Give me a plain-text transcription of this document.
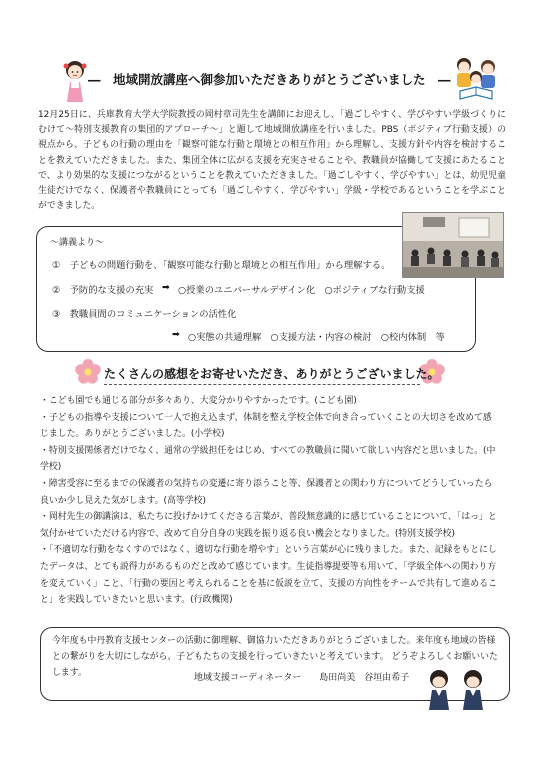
―　地域開放講座へ御参加いただきありがとうございました　―
12月25日に、兵庫教育大学大学院教授の岡村章司先生を講師にお迎えし、「過ごしやすく、学びやすい学級づくりにむけて～特別支援教育の集団的アプローチ～」と題して地域開放講座を行いました。PBS（ポジティブ行動支援）の視点から、子どもの行動の理由を「観察可能な行動と環境との相互作用」から理解し、支援方針や内容を検討することを教えていただきました。また、集団全体に広がる支援を充実させることや、教職員が協働して支援にあたることで、より効果的な支援につながるということを教えていただきました。「過ごしやすく、学びやすい」とは、幼児児童生徒だけでなく、保護者や教職員にとっても「過ごしやすく、学びやすい」学級・学校であるということを学ぶことができました。
～講義より～
①　子どもの問題行動を、「観察可能な行動と環境との相互作用」から理解する。
②　予防的な支援の充実 ➡ ○授業のユニバーサルデザイン化　○ポジティブな行動支援
③　教職員間のコミュニケーションの活性化
➡ ○実態の共通理解　○支援方法・内容の検討　○校内体制　等
たくさんの感想をお寄せいただき、ありがとうございました。

・こども園でも通じる部分が多々あり、大変分かりやすかったです。(こども園)

・子どもの指導や支援について一人で抱え込まず、体制を整え学校全体で向き合っていくことの大切さを改めて感じました。ありがとうございました。(小学校)

・特別支援関係者だけでなく、通常の学級担任をはじめ、すべての教職員に聞いて欲しい内容だと思いました。(中学校)

・障害受容に至るまでの保護者の気持ちの変遷に寄り添うこと等、保護者との関わり方についてどうしていったら良いか少し見えた気がします。(高等学校)

・岡村先生の御講演は、私たちに投げかけてくださる言葉が、普段無意識的に感じていることについて、「はっ」と気付かせていただける内容で、改めて自分自身の実践を振り返る良い機会となりました。(特別支援学校)

・「不適切な行動をなくすのではなく、適切な行動を増やす」という言葉が心に残りました。また、記録をもとにしたデータは、とても説得力があるものだと改めて感じています。生徒指導提要等も用いて、「学級全体への関わり方を変えていく」こと、「行動の要因と考えられることを基に仮説を立て、支援の方向性をチームで共有して進めること」を実践していきたいと思います。(行政機関)

今年度も中丹教育支援センターの活動に御理解、御協力いただきありがとうございました。来年度も地域の皆様との繋がりを大切にしながら、子どもたちの支援を行っていきたいと考えています。 どうぞよろしくお願いいたします。
地域支援コーディネーター　　島田尚美　谷垣由希子
